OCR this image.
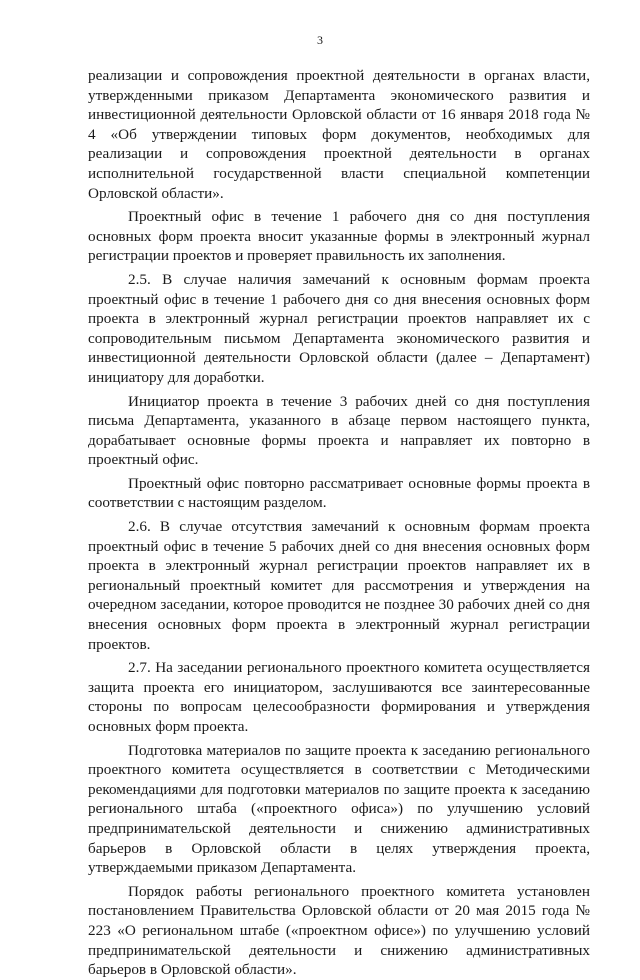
3

реализации и сопровождения проектной деятельности в органах власти, утвержденными приказом Департамента экономического развития и инвестиционной деятельности Орловской области от 16 января 2018 года № 4 «Об утверждении типовых форм документов, необходимых для реализации и сопровождения проектной деятельности в органах исполнительной государственной власти специальной компетенции Орловской области».

Проектный офис в течение 1 рабочего дня со дня поступления основных форм проекта вносит указанные формы в электронный журнал регистрации проектов и проверяет правильность их заполнения.

2.5. В случае наличия замечаний к основным формам проекта проектный офис в течение 1 рабочего дня со дня внесения основных форм проекта в электронный журнал регистрации проектов направляет их с сопроводительным письмом Департамента экономического развития и инвестиционной деятельности Орловской области (далее – Департамент) инициатору для доработки.

Инициатор проекта в течение 3 рабочих дней со дня поступления письма Департамента, указанного в абзаце первом настоящего пункта, дорабатывает основные формы проекта и направляет их повторно в проектный офис.

Проектный офис повторно рассматривает основные формы проекта в соответствии с настоящим разделом.

2.6. В случае отсутствия замечаний к основным формам проекта проектный офис в течение 5 рабочих дней со дня внесения основных форм проекта в электронный журнал регистрации проектов направляет их в региональный проектный комитет для рассмотрения и утверждения на очередном заседании, которое проводится не позднее 30 рабочих дней со дня внесения основных форм проекта в электронный журнал регистрации проектов.

2.7. На заседании регионального проектного комитета осуществляется защита проекта его инициатором, заслушиваются все заинтересованные стороны по вопросам целесообразности формирования и утверждения основных форм проекта.

Подготовка материалов по защите проекта к заседанию регионального проектного комитета осуществляется в соответствии с Методическими рекомендациями для подготовки материалов по защите проекта к заседанию регионального штаба («проектного офиса») по улучшению условий предпринимательской деятельности и снижению административных барьеров в Орловской области в целях утверждения проекта, утверждаемыми приказом Департамента.

Порядок работы регионального проектного комитета установлен постановлением Правительства Орловской области от 20 мая 2015 года № 223 «О региональном штабе («проектном офисе») по улучшению условий предпринимательской деятельности и снижению административных барьеров в Орловской области».
